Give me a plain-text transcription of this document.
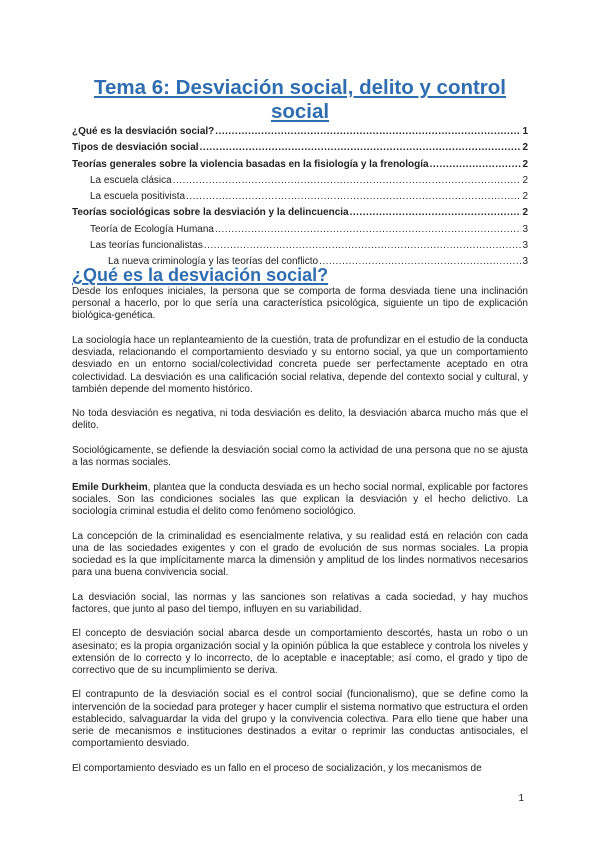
Tema 6: Desviación social, delito y control social
¿Qué es la desviación social? .....	1
Tipos de desviación social .....	2
Teorías generales sobre la violencia basadas en la fisiología y la frenología .....	2
La escuela clásica .....	2
La escuela positivista .....	2
Teorías sociológicas sobre la desviación y la delincuencia .....	2
Teoría de Ecología Humana .....	3
Las teorías funcionalistas .....	3
La nueva criminología y las teorías del conflicto .....	3
¿Qué es la desviación social?

Desde los enfoques iniciales, la persona que se comporta de forma desviada tiene una inclinación personal a hacerlo, por lo que sería una característica psicológica, siguiente un tipo de explicación biológica-genética.

La sociología hace un replanteamiento de la cuestión, trata de profundizar en el estudio de la conducta desviada, relacionando el comportamiento desviado y su entorno social, ya que un comportamiento desviado en un entorno social/colectividad concreta puede ser perfectamente aceptado en otra colectividad. La desviación es una calificación social relativa, depende del contexto social y cultural, y también depende del momento histórico.

No toda desviación es negativa, ni toda desviación es delito, la desviación abarca mucho más que el delito.

Sociológicamente, se defiende la desviación social como la actividad de una persona que no se ajusta a las normas sociales.

Emile Durkheim, plantea que la conducta desviada es un hecho social normal, explicable por factores sociales. Son las condiciones sociales las que explican la desviación y el hecho delictivo. La sociología criminal estudia el delito como fenómeno sociológico.

La concepción de la criminalidad es esencialmente relativa, y su realidad está en relación con cada una de las sociedades exigentes y con el grado de evolución de sus normas sociales. La propia sociedad es la que implícitamente marca la dimensión y amplitud de los lindes normativos necesarios para una buena convivencia social.

La desviación social, las normas y las sanciones son relativas a cada sociedad, y hay muchos factores, que junto al paso del tiempo, influyen en su variabilidad.

El concepto de desviación social abarca desde un comportamiento descortés, hasta un robo o un asesinato; es la propia organización social y la opinión pública la que establece y controla los niveles y extensión de lo correcto y lo incorrecto, de lo aceptable e inaceptable; así como, el grado y tipo de correctivo que de su incumplimiento se deriva.

El contrapunto de la desviación social es el control social (funcionalismo), que se define como la intervención de la sociedad para proteger y hacer cumplir el sistema normativo que estructura el orden establecido, salvaguardar la vida del grupo y la convivencia colectiva. Para ello tiene que haber una serie de mecanismos e instituciones destinados a evitar o reprimir las conductas antisociales, el comportamiento desviado.

El comportamiento desviado es un fallo en el proceso de socialización, y los mecanismos de

1
